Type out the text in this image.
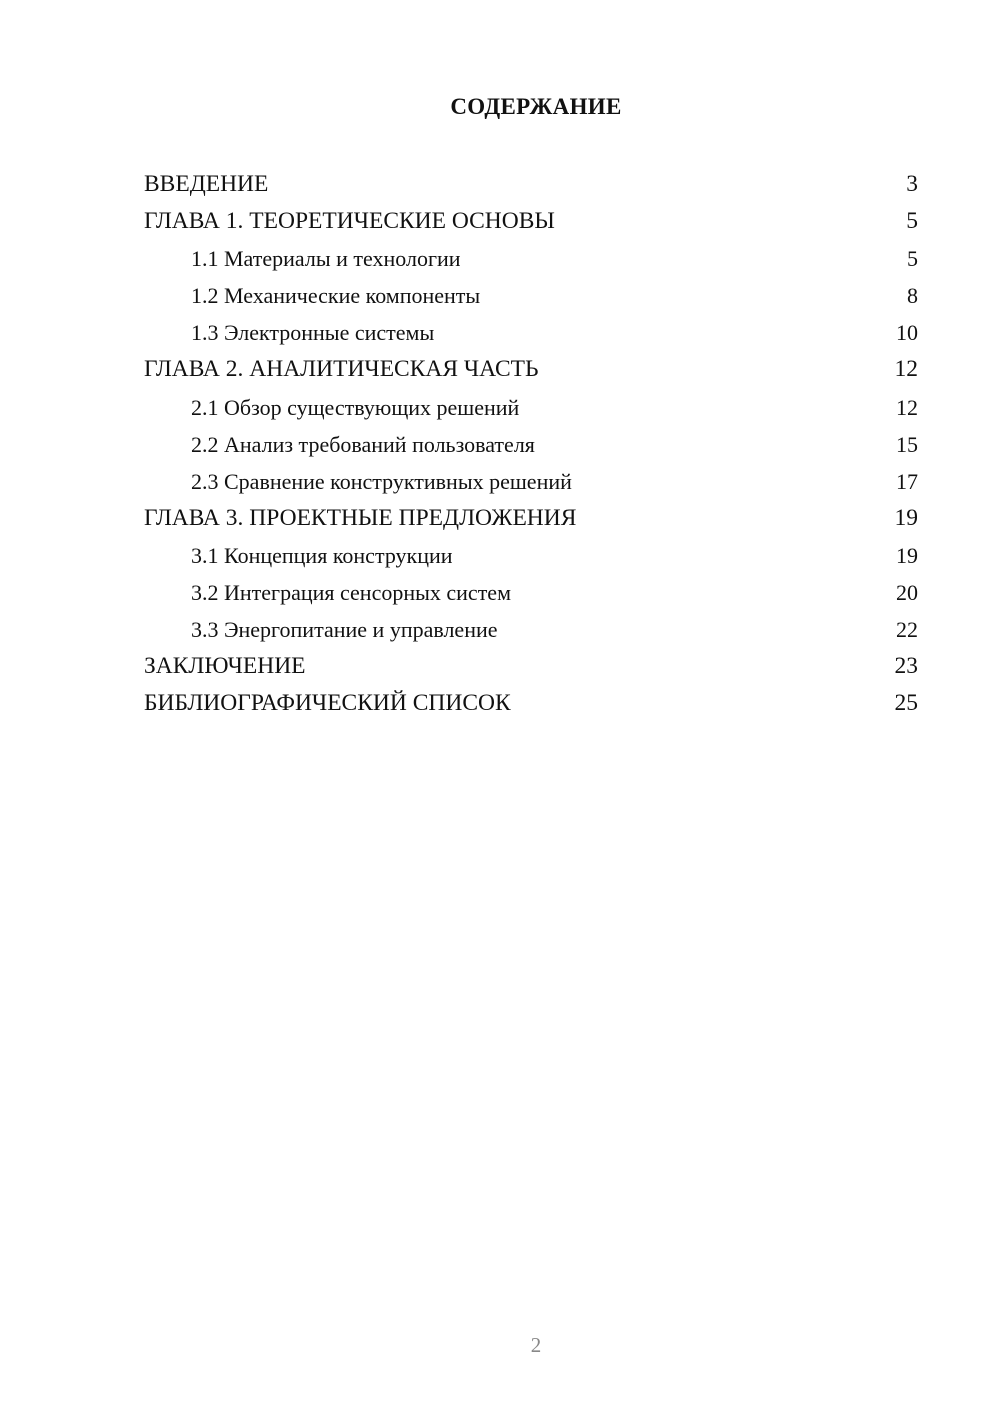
СОДЕРЖАНИЕ
ВВЕДЕНИЕ	3
ГЛАВА 1. ТЕОРЕТИЧЕСКИЕ ОСНОВЫ	5
1.1 Материалы и технологии	5
1.2 Механические компоненты	8
1.3 Электронные системы	10
ГЛАВА 2. АНАЛИТИЧЕСКАЯ ЧАСТЬ	12
2.1 Обзор существующих решений	12
2.2 Анализ требований пользователя	15
2.3 Сравнение конструктивных решений	17
ГЛАВА 3. ПРОЕКТНЫЕ ПРЕДЛОЖЕНИЯ	19
3.1 Концепция конструкции	19
3.2 Интеграция сенсорных систем	20
3.3 Энергопитание и управление	22
ЗАКЛЮЧЕНИЕ	23
БИБЛИОГРАФИЧЕСКИЙ СПИСОК	25
2
